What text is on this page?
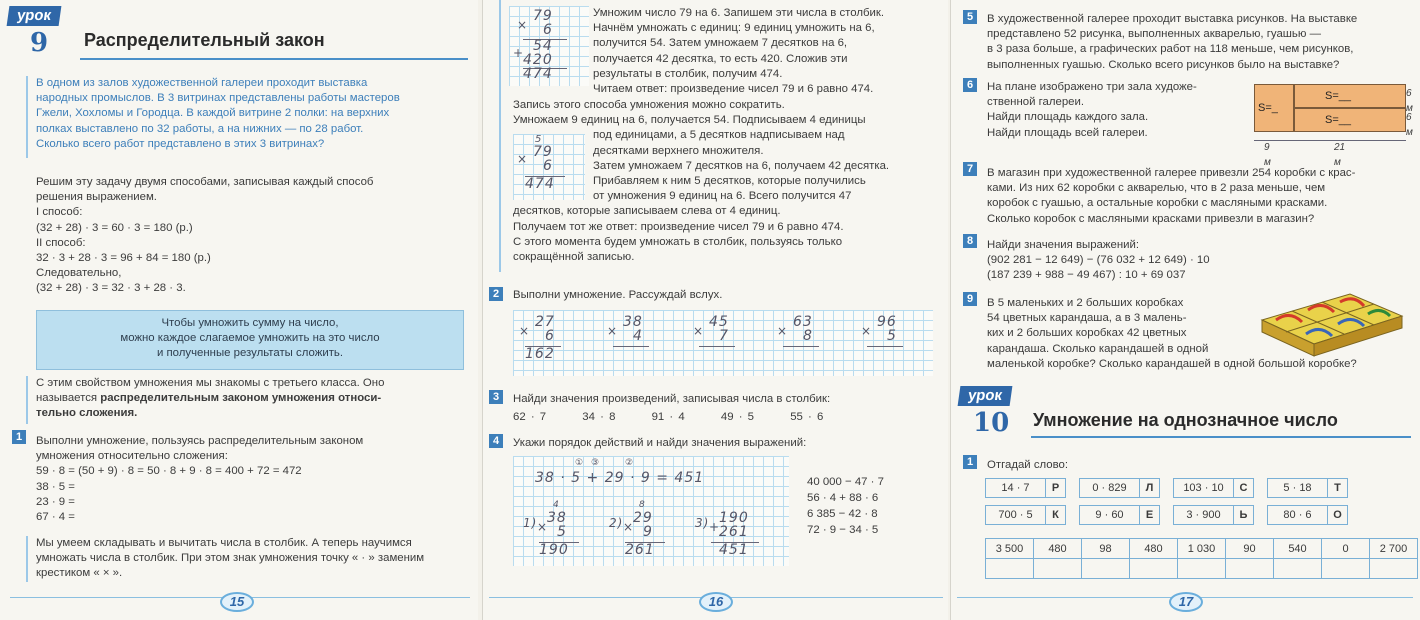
урок
9 Распределительный закон
В одном из залов художественной галереи проходит выставка
народных промыслов. В 3 витринах представлены работы мастеров
Гжели, Хохломы и Городца. В каждой витрине 2 полки: на верхних
полках выставлено по 32 работы, а на нижних — по 28 работ.
Сколько всего работ представлено в этих 3 витринах?
Решим эту задачу двумя способами, записывая каждый способ
решения выражением.
I способ:
(32 + 28) · 3 = 60 · 3 = 180 (р.)
II способ:
32 · 3 + 28 · 3 = 96 + 84 = 180 (р.)
Следовательно,
(32 + 28) · 3 = 32 · 3 + 28 · 3.
Чтобы умножить сумму на число,
можно каждое слагаемое умножить на это число
и полученные результаты сложить.
С этим свойством умножения мы знакомы с третьего класса. Оно
называется распределительным законом умножения относи-
тельно сложения.
1	Выполни умножение, пользуясь распределительным законом
умножения относительно сложения:
59 · 8 = (50 + 9) · 8 = 50 · 8 + 9 · 8 = 400 + 72 = 472
38 · 5 =
23 · 9 =
67 · 4 =
Мы умеем складывать и вычитать числа в столбик. А теперь научимся
умножать числа в столбик. При этом знак умножения точку « · » заменим
крестиком « × ».
15
79
× 6
54
+
420
474
Умножим число 79 на 6. Запишем эти числа в столбик.
Начнём умножать с единиц: 9 единиц умножить на 6,
получится 54. Затем умножаем 7 десятков на 6,
получается 42 десятка, то есть 420. Сложив эти
результаты в столбик, получим 474.
Читаем ответ: произведение чисел 79 и 6 равно 474.
Запись этого способа умножения можно сократить.
Умножаем 9 единиц на 6, получается 54. Подписываем 4 единицы
под единицами, а 5 десятков надписываем над
десятками верхнего множителя.
Затем умножаем 7 десятков на 6, получаем 42 десятка.
Прибавляем к ним 5 десятков, которые получились
от умножения 9 единиц на 6. Всего получится 47
десятков, которые записываем слева от 4 единиц.
Получаем тот же ответ: произведение чисел 79 и 6 равно 474.
С этого момента будем умножать в столбик, пользуясь только
сокращённой записью.
5
79
× 6
474
2	Выполни умножение. Рассуждай вслух.
27
× 6
162
38
× 4
45
× 7
63
× 8
96
× 5
3	Найди значения произведений, записывая числа в столбик:
62 · 7	34 · 8	91 · 4	49 · 5	55 · 6
4	Укажи порядок действий и найди значения выражений:
① ③	②
38 · 5 + 29 · 9 = 451
1)
4
38
× 5
190
2)
8
29
× 9
261
3) 190
+
261
451
40 000 − 47 · 7
56 · 4 + 88 · 6
6 385 − 42 · 8
72 · 9 − 34 · 5
16
5	В художественной галерее проходит выставка рисунков. На выставке
представлено 52 рисунка, выполненных акварелью, гуашью —
в 3 раза больше, а графических работ на 118 меньше, чем рисунков,
выполненных гуашью. Сколько всего рисунков было на выставке?
6	На плане изображено три зала художе-
ственной галереи.
Найди площадь каждого зала.
Найди площадь всей галереи.
7	В магазин при художественной галерее привезли 254 коробки с крас-
ками. Из них 62 коробки с акварелью, что в 2 раза меньше, чем
коробок с гуашью, а остальные коробки с масляными красками.
Сколько коробок с масляными красками привезли в магазин?
8	Найди значения выражений:
(902 281 − 12 649) − (76 032 + 12 649) · 10
(187 239 + 988 − 49 467) : 10 + 69 037
9	В 5 маленьких и 2 больших коробках
54 цветных карандаша, а в 3 малень-
ких и 2 больших коробках 42 цветных
карандаша. Сколько карандашей в одной
маленькой коробке? Сколько карандашей в одной большой коробке?
урок
10 Умножение на однозначное число
1	Отгадай слово:
14 · 7	Р		0 · 829	Л		103 · 10	С		5 · 18	Т

700 · 5	К		9 · 60	Е		3 · 900	Ь		80 · 6	О
3 500	480	98	480	1 030	90	540	0	2 700

17
S=_
S=__
S=__
6 м
6 м
9 м
21 м
